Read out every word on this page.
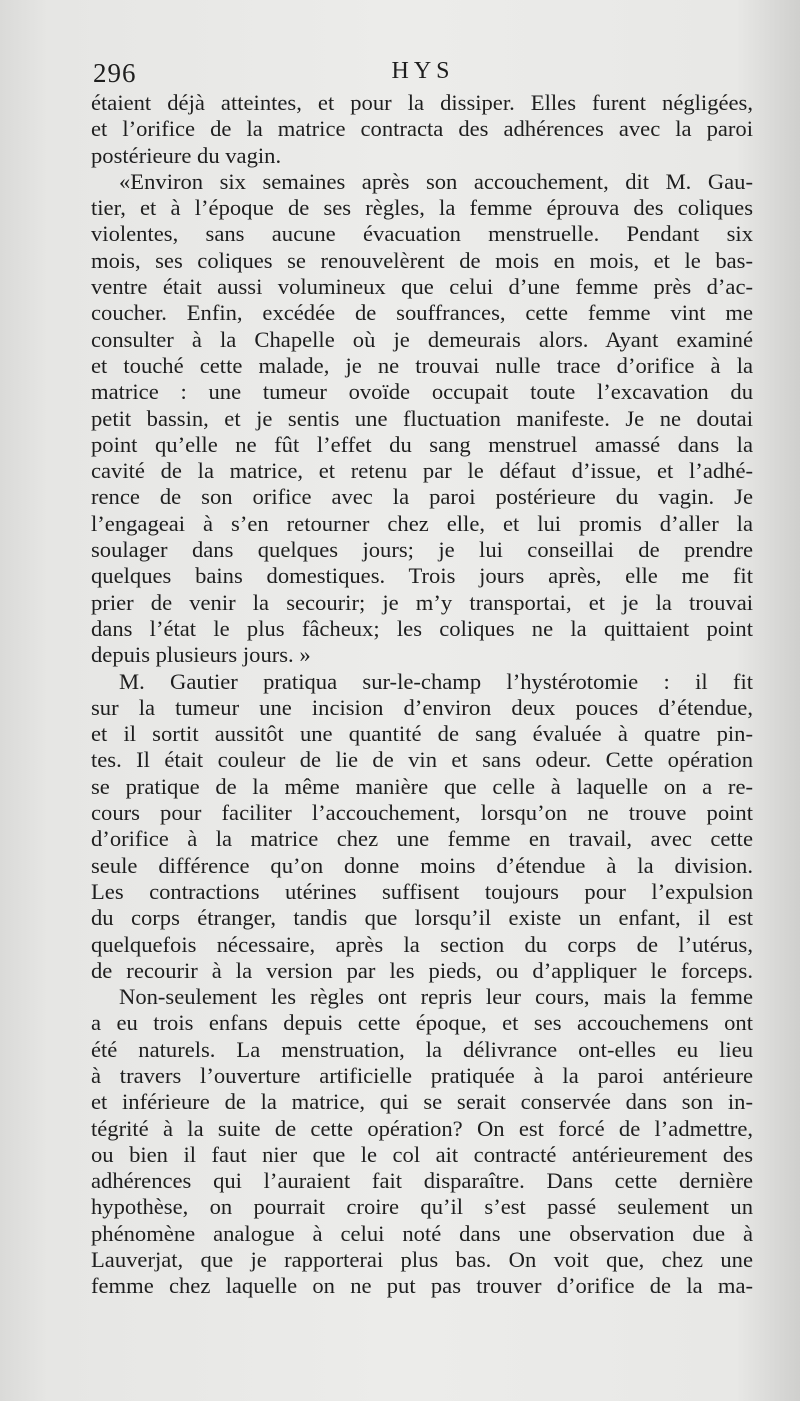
296	HYS
étaient déjà atteintes, et pour la dissiper. Elles furent négligées,
et l’orifice de la matrice contracta des adhérences avec la paroi
postérieure du vagin.
«Environ six semaines après son accouchement, dit M. Gau-
tier, et à l’époque de ses règles, la femme éprouva des coliques
violentes, sans aucune évacuation menstruelle. Pendant six
mois, ses coliques se renouvelèrent de mois en mois, et le bas-
ventre était aussi volumineux que celui d’une femme près d’ac-
coucher. Enfin, excédée de souffrances, cette femme vint me
consulter à la Chapelle où je demeurais alors. Ayant examiné
et touché cette malade, je ne trouvai nulle trace d’orifice à la
matrice : une tumeur ovoïde occupait toute l’excavation du
petit bassin, et je sentis une fluctuation manifeste. Je ne doutai
point qu’elle ne fût l’effet du sang menstruel amassé dans la
cavité de la matrice, et retenu par le défaut d’issue, et l’adhé-
rence de son orifice avec la paroi postérieure du vagin. Je
l’engageai à s’en retourner chez elle, et lui promis d’aller la
soulager dans quelques jours; je lui conseillai de prendre
quelques bains domestiques. Trois jours après, elle me fit
prier de venir la secourir; je m’y transportai, et je la trouvai
dans l’état le plus fâcheux; les coliques ne la quittaient point
depuis plusieurs jours. »
M. Gautier pratiqua sur-le-champ l’hystérotomie : il fit
sur la tumeur une incision d’environ deux pouces d’étendue,
et il sortit aussitôt une quantité de sang évaluée à quatre pin-
tes. Il était couleur de lie de vin et sans odeur. Cette opération
se pratique de la même manière que celle à laquelle on a re-
cours pour faciliter l’accouchement, lorsqu’on ne trouve point
d’orifice à la matrice chez une femme en travail, avec cette
seule différence qu’on donne moins d’étendue à la division.
Les contractions utérines suffisent toujours pour l’expulsion
du corps étranger, tandis que lorsqu’il existe un enfant, il est
quelquefois nécessaire, après la section du corps de l’utérus,
de recourir à la version par les pieds, ou d’appliquer le forceps.
Non-seulement les règles ont repris leur cours, mais la femme
a eu trois enfans depuis cette époque, et ses accouchemens ont
été naturels. La menstruation, la délivrance ont-elles eu lieu
à travers l’ouverture artificielle pratiquée à la paroi antérieure
et inférieure de la matrice, qui se serait conservée dans son in-
tégrité à la suite de cette opération? On est forcé de l’admettre,
ou bien il faut nier que le col ait contracté antérieurement des
adhérences qui l’auraient fait disparaître. Dans cette dernière
hypothèse, on pourrait croire qu’il s’est passé seulement un
phénomène analogue à celui noté dans une observation due à
Lauverjat, que je rapporterai plus bas. On voit que, chez une
femme chez laquelle on ne put pas trouver d’orifice de la ma-
